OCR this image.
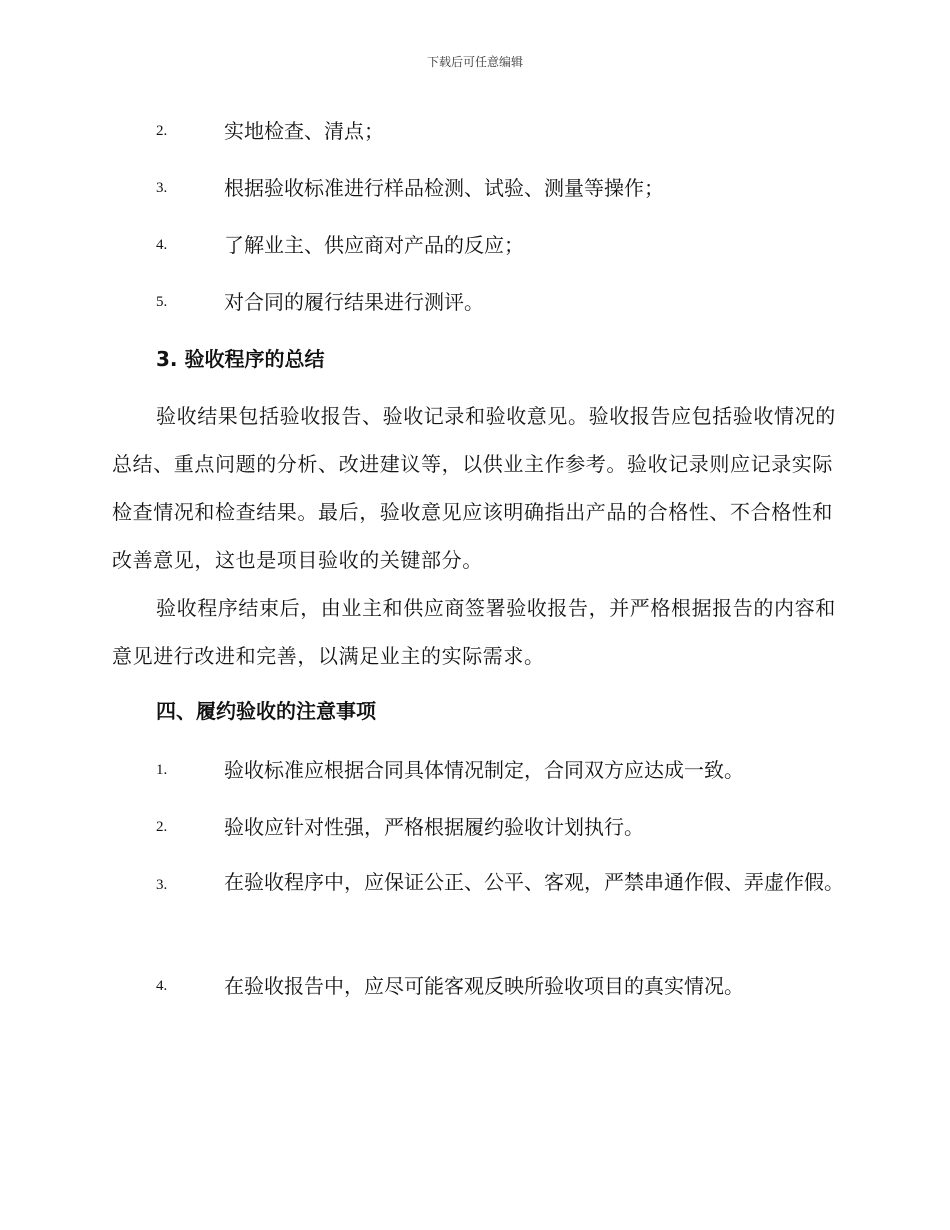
下载后可任意编辑
2.	实地检查、清点；
3.	根据验收标准进行样品检测、试验、测量等操作；
4.	了解业主、供应商对产品的反应；
5.	对合同的履行结果进行测评。
3. 验收程序的总结
验收结果包括验收报告、验收记录和验收意见。验收报告应包括验收情况的总结、重点问题的分析、改进建议等，以供业主作参考。验收记录则应记录实际检查情况和检查结果。最后，验收意见应该明确指出产品的合格性、不合格性和改善意见，这也是项目验收的关键部分。
验收程序结束后，由业主和供应商签署验收报告，并严格根据报告的内容和意见进行改进和完善，以满足业主的实际需求。
四、履约验收的注意事项
1.	验收标准应根据合同具体情况制定，合同双方应达成一致。
2.	验收应针对性强，严格根据履约验收计划执行。
3.	在验收程序中，应保证公正、公平、客观，严禁串通作假、弄虚作假。
4.	在验收报告中，应尽可能客观反映所验收项目的真实情况。
